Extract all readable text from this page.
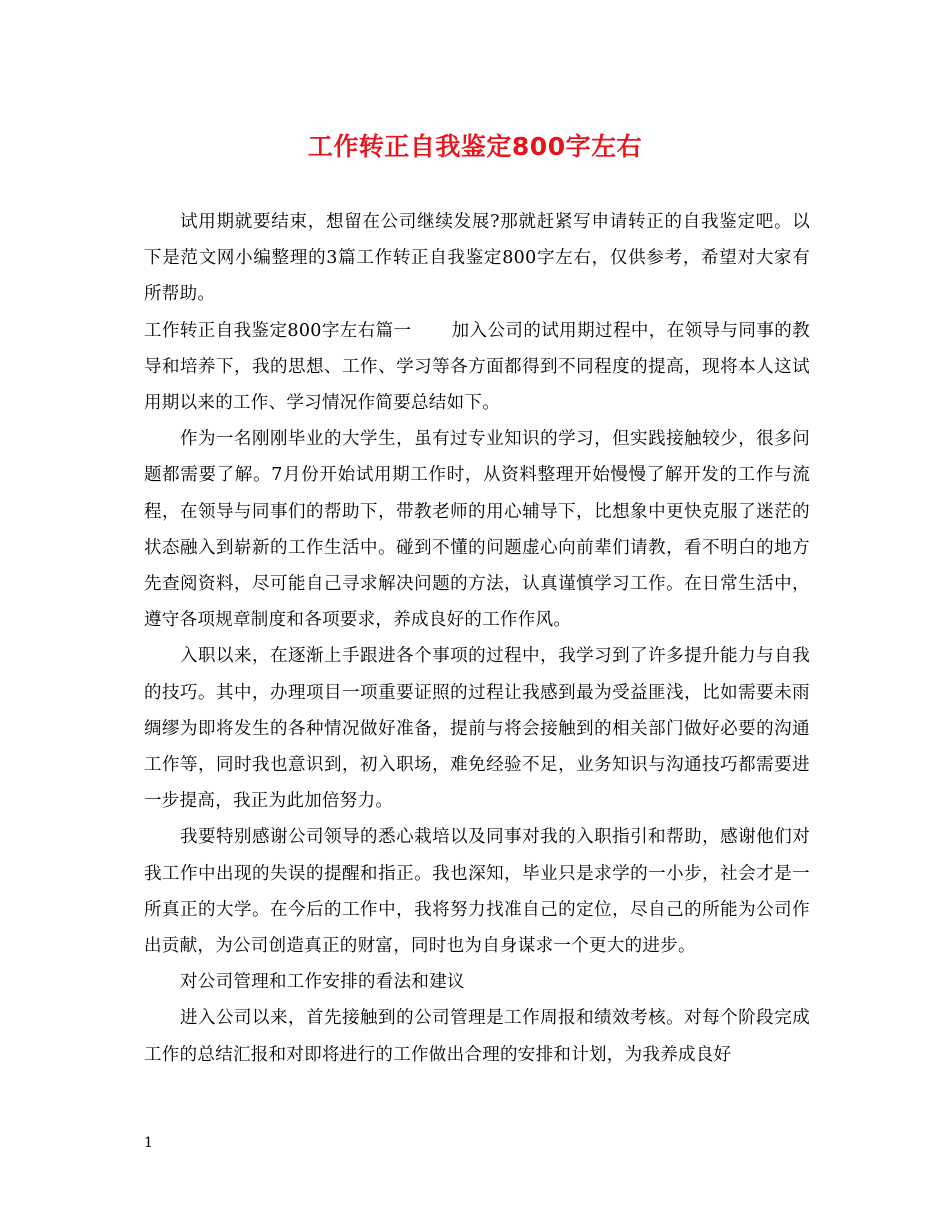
工作转正自我鉴定800字左右

试用期就要结束，想留在公司继续发展?那就赶紧写申请转正的自我鉴定吧。以下是范文网小编整理的3篇工作转正自我鉴定800字左右，仅供参考，希望对大家有所帮助。

工作转正自我鉴定800字左右篇一 加入公司的试用期过程中，在领导与同事的教导和培养下，我的思想、工作、学习等各方面都得到不同程度的提高，现将本人这试用期以来的工作、学习情况作简要总结如下。

作为一名刚刚毕业的大学生，虽有过专业知识的学习，但实践接触较少，很多问题都需要了解。7月份开始试用期工作时，从资料整理开始慢慢了解开发的工作与流程，在领导与同事们的帮助下，带教老师的用心辅导下，比想象中更快克服了迷茫的状态融入到崭新的工作生活中。碰到不懂的问题虚心向前辈们请教，看不明白的地方先查阅资料，尽可能自己寻求解决问题的方法，认真谨慎学习工作。在日常生活中，遵守各项规章制度和各项要求，养成良好的工作作风。

入职以来，在逐渐上手跟进各个事项的过程中，我学习到了许多提升能力与自我的技巧。其中，办理项目一项重要证照的过程让我感到最为受益匪浅，比如需要未雨绸缪为即将发生的各种情况做好准备，提前与将会接触到的相关部门做好必要的沟通工作等，同时我也意识到，初入职场，难免经验不足，业务知识与沟通技巧都需要进一步提高，我正为此加倍努力。

我要特别感谢公司领导的悉心栽培以及同事对我的入职指引和帮助，感谢他们对我工作中出现的失误的提醒和指正。我也深知，毕业只是求学的一小步，社会才是一所真正的大学。在今后的工作中，我将努力找准自己的定位，尽自己的所能为公司作出贡献，为公司创造真正的财富，同时也为自身谋求一个更大的进步。

对公司管理和工作安排的看法和建议

进入公司以来，首先接触到的公司管理是工作周报和绩效考核。对每个阶段完成工作的总结汇报和对即将进行的工作做出合理的安排和计划，为我养成良好

1
